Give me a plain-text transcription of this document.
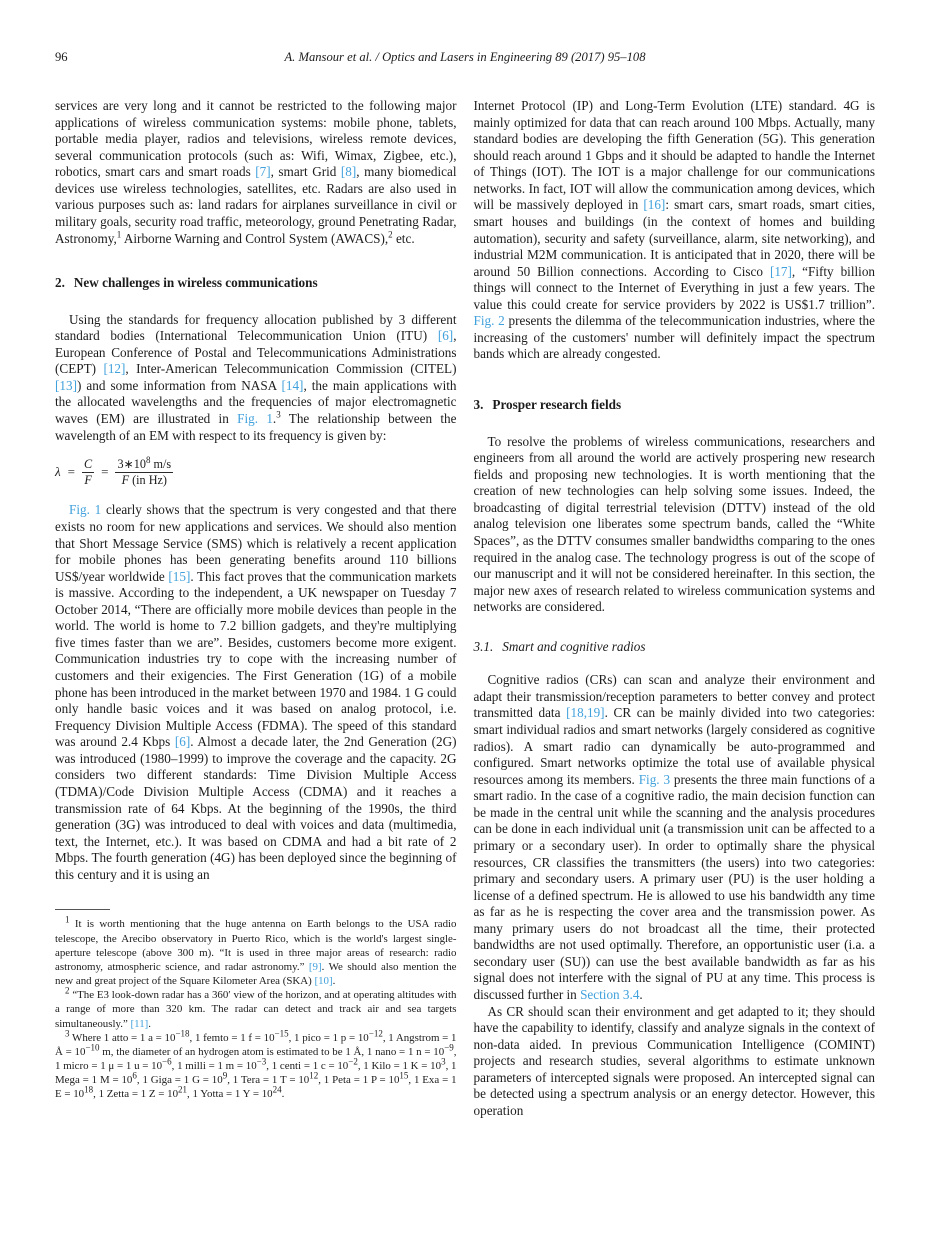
96	A. Mansour et al. / Optics and Lasers in Engineering 89 (2017) 95–108

services are very long and it cannot be restricted to the following major applications of wireless communication systems: mobile phone, tablets, portable media player, radios and televisions, wireless remote devices, several communication protocols (such as: Wifi, Wimax, Zigbee, etc.), robotics, smart cars and smart roads [7], smart Grid [8], many biomedical devices use wireless technologies, satellites, etc. Radars are also used in various purposes such as: land radars for airplanes surveillance in civil or military goals, security road traffic, meteorology, ground Penetrating Radar, Astronomy,$^1$ Airborne Warning and Control System (AWACS),$^2$ etc.

2. New challenges in wireless communications

Using the standards for frequency allocation published by 3 different standard bodies (International Telecommunication Union (ITU) [6], European Conference of Postal and Telecommunications Administrations (CEPT) [12], Inter-American Telecommunication Commission (CITEL) [13]) and some information from NASA [14], the main applications with the allocated wavelengths and the frequencies of major electromagnetic waves (EM) are illustrated in Fig. 1.$^3$ The relationship between the wavelength of an EM with respect to its frequency is given by:

$\lambda = \frac{C}{F} = \frac{3∗10^8 m/s}{\text{F (in Hz)}}$

Fig. 1 clearly shows that the spectrum is very congested and that there exists no room for new applications and services. We should also mention that Short Message Service (SMS) which is relatively a recent application for mobile phones has been generating benefits around 110 billions US$/year worldwide [15]. This fact proves that the communication markets is massive. According to the independent, a UK newspaper on Tuesday 7 October 2014, “There are officially more mobile devices than people in the world. The world is home to 7.2 billion gadgets, and they're multiplying five times faster than we are”. Besides, customers become more exigent. Communication industries try to cope with the increasing number of customers and their exigencies. The First Generation (1G) of a mobile phone has been introduced in the market between 1970 and 1984. 1 G could only handle basic voices and it was based on analog protocol, i.e. Frequency Division Multiple Access (FDMA). The speed of this standard was around 2.4 Kbps [6]. Almost a decade later, the 2nd Generation (2G) was introduced (1980–1999) to improve the coverage and the capacity. 2G considers two different standards: Time Division Multiple Access (TDMA)/Code Division Multiple Access (CDMA) and it reaches a transmission rate of 64 Kbps. At the beginning of the 1990s, the third generation (3G) was introduced to deal with voices and data (multimedia, text, the Internet, etc.). It was based on CDMA and had a bit rate of 2 Mbps. The fourth generation (4G) has been deployed since the beginning of this century and it is using an

$^1$ It is worth mentioning that the huge antenna on Earth belongs to the USA radio telescope, the Arecibo observatory in Puerto Rico, which is the world's largest single-aperture telescope (above 300 m). “It is used in three major areas of research: radio astronomy, atmospheric science, and radar astronomy.” [9]. We should also mention the new and great project of the Square Kilometer Area (SKA) [10].

$^2$ “The E3 look-down radar has a 360′ view of the horizon, and at operating altitudes with a range of more than 320 km. The radar can detect and track air and sea targets simultaneously.” [11].

$^3$ Where 1 atto = 1 $a = 10^{-18}$, 1 femto = 1 $f = 10^{-15}$, 1 pico = 1 $p = 10^{-12}$, 1 Angstrom = 1 Å = $10^{-10}$ m, the diameter of an hydrogen atom is estimated to be 1 Å, 1 nano = 1 $n = 10^{-9}$, 1 micro = 1 μ = 1 $u = 10^{-6}$, 1 milli = 1 $m = 10^{-3}$, 1 centi = 1 $c = 10^{-2}$, 1 Kilo = 1 $K = 10^3$, 1 Mega = 1 $M = 10^6$, 1 Giga = 1 $G = 10^9$, 1 Tera = 1 $T = 10^{12}$, 1 Peta = 1 $P = 10^{15}$, 1 Exa = 1 $E = 10^{18}$, 1 Zetta = 1 $Z = 10^{21}$, 1 Yotta = 1 $Y = 10^{24}$.

Internet Protocol (IP) and Long-Term Evolution (LTE) standard. 4G is mainly optimized for data that can reach around 100 Mbps. Actually, many standard bodies are developing the fifth Generation (5G). This generation should reach around 1 Gbps and it should be adapted to handle the Internet of Things (IOT). The IOT is a major challenge for our communications networks. In fact, IOT will allow the communication among devices, which will be massively deployed in [16]: smart cars, smart roads, smart cities, smart houses and buildings (in the context of homes and building automation), security and safety (surveillance, alarm, site networking), and industrial M2M communication. It is anticipated that in 2020, there will be around 50 Billion connections. According to Cisco [17], “Fifty billion things will connect to the Internet of Everything in just a few years. The value this could create for service providers by 2022 is US$1.7 trillion”. Fig. 2 presents the dilemma of the telecommunication industries, where the increasing of the customers' number will definitely impact the spectrum bands which are already congested.

3. Prosper research fields

To resolve the problems of wireless communications, researchers and engineers from all around the world are actively prospering new research fields and proposing new technologies. It is worth mentioning that the creation of new technologies can help solving some issues. Indeed, the broadcasting of digital terrestrial television (DTTV) instead of the old analog television one liberates some spectrum bands, called the “White Spaces”, as the DTTV consumes smaller bandwidths comparing to the ones required in the analog case. The technology progress is out of the scope of our manuscript and it will not be considered hereinafter. In this section, the major new axes of research related to wireless communication systems and networks are considered.

3.1. Smart and cognitive radios

Cognitive radios (CRs) can scan and analyze their environment and adapt their transmission/reception parameters to better convey and protect transmitted data [18,19]. CR can be mainly divided into two categories: smart individual radios and smart networks (largely considered as cognitive radios). A smart radio can dynamically be auto-programmed and configured. Smart networks optimize the total use of available physical resources among its members. Fig. 3 presents the three main functions of a smart radio. In the case of a cognitive radio, the main decision function can be made in the central unit while the scanning and the analysis procedures can be done in each individual unit (a transmission unit can be affected to a primary or a secondary user). In order to optimally share the physical resources, CR classifies the transmitters (the users) into two categories: primary and secondary users. A primary user (PU) is the user holding a license of a defined spectrum. He is allowed to use his bandwidth any time as far as he is respecting the cover area and the transmission power. As many primary users do not broadcast all the time, their protected bandwidths are not used optimally. Therefore, an opportunistic user (i.a. a secondary user (SU)) can use the best available bandwidth as far as his signal does not interfere with the signal of PU at any time. This process is discussed further in Section 3.4.

As CR should scan their environment and get adapted to it; they should have the capability to identify, classify and analyze signals in the context of non-data aided. In previous Communication Intelligence (COMINT) projects and research studies, several algorithms to estimate unknown parameters of intercepted signals were proposed. An intercepted signal can be detected using a spectrum analysis or an energy detector. However, this operation
